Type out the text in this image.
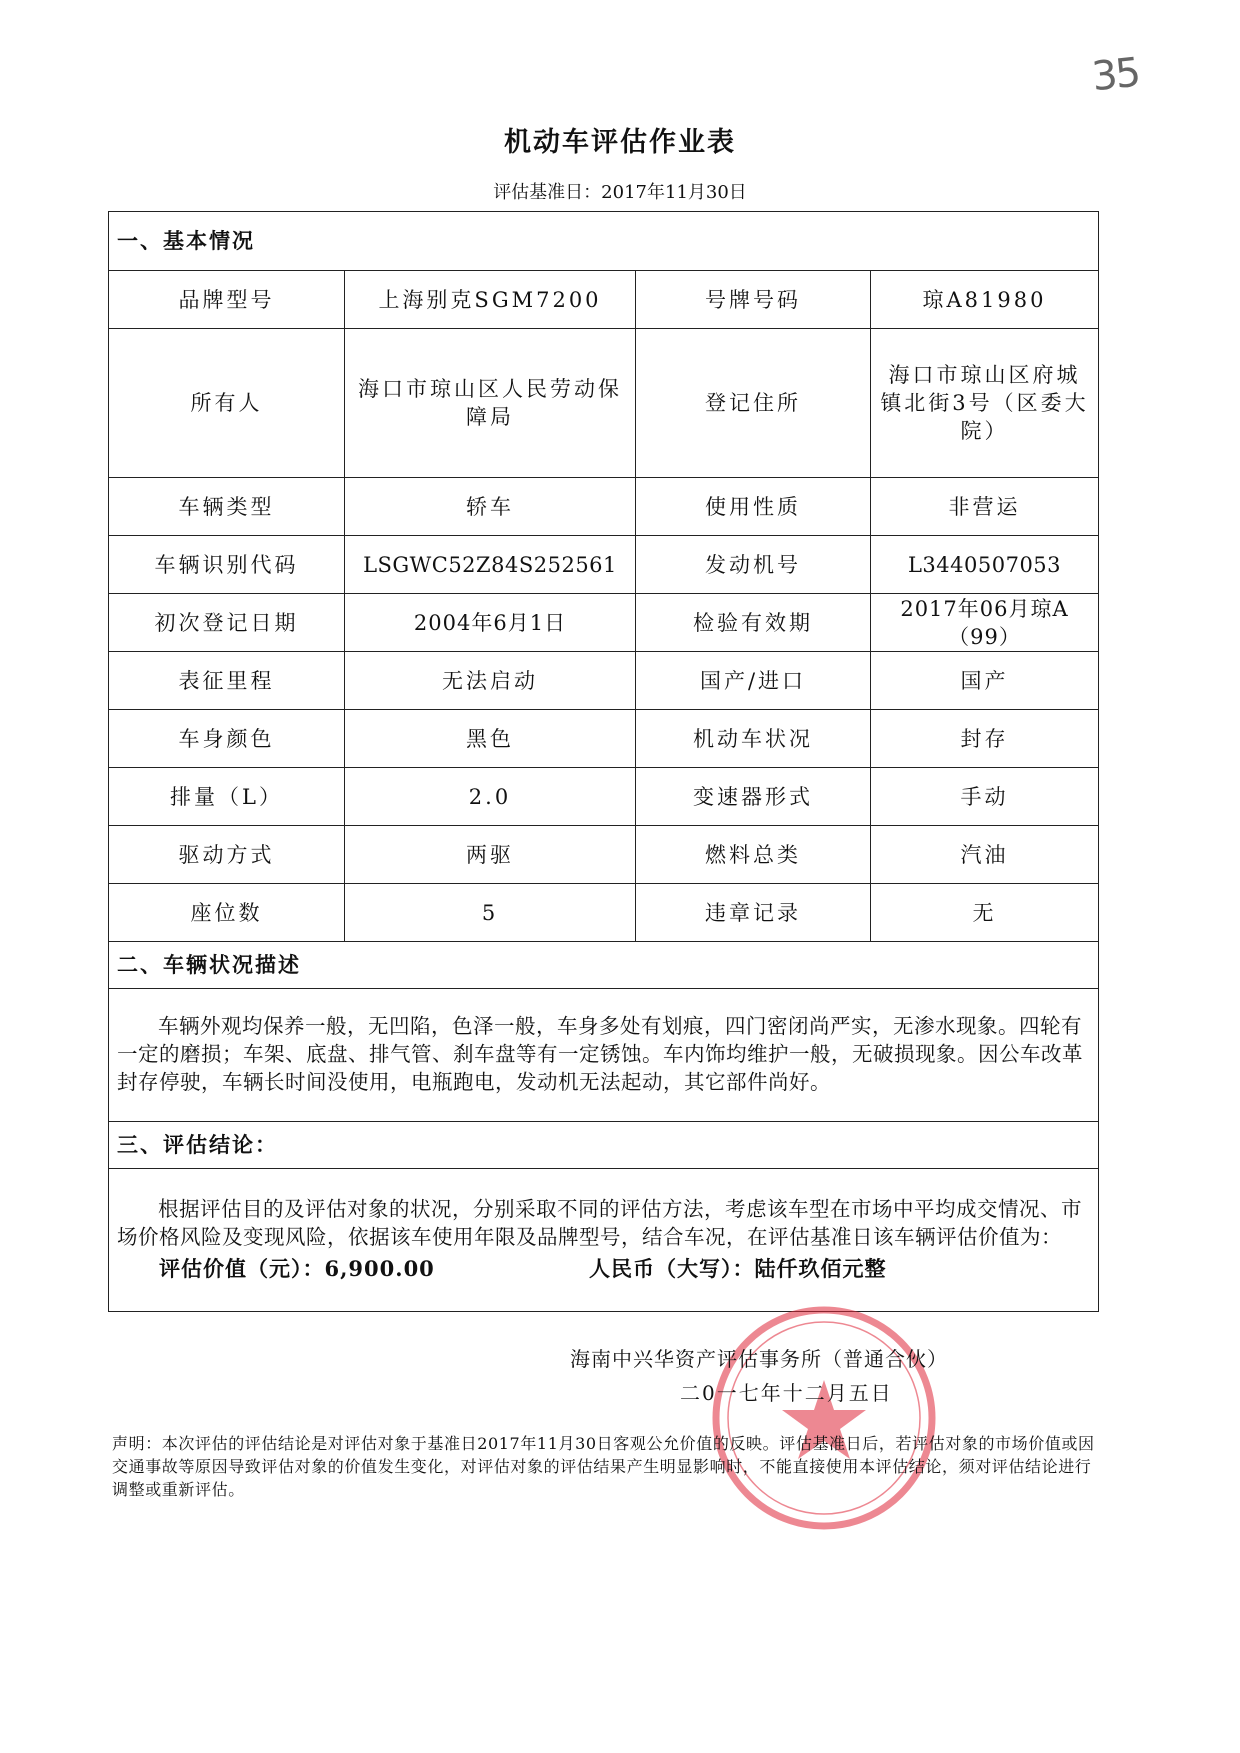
35
机动车评估作业表
评估基准日：2017年11月30日
一、基本情况			
品牌型号	上海别克SGM7200	号牌号码	琼A81980
所有人	海口市琼山区人民劳动保障局	登记住所	海口市琼山区府城镇北街3号（区委大院）
车辆类型	轿车	使用性质	非营运
车辆识别代码	LSGWC52Z84S252561	发动机号	L3440507053
初次登记日期	2004年6月1日	检验有效期	2017年06月琼A（99）
表征里程	无法启动	国产/进口	国产
车身颜色	黑色	机动车状况	封存
排量（L）	2.0	变速器形式	手动
驱动方式	两驱	燃料总类	汽油
座位数	5	违章记录	无
二、车辆状况描述			

车辆外观均保养一般，无凹陷，色泽一般，车身多处有划痕，四门密闭尚严实，无渗水现象。四轮有一定的磨损；车架、底盘、排气管、刹车盘等有一定锈蚀。车内饰均维护一般，无破损现象。因公车改革封存停驶，车辆长时间没使用，电瓶跑电，发动机无法起动，其它部件尚好。			

三、评估结论：			

根据评估目的及评估对象的状况，分别采取不同的评估方法，考虑该车型在市场中平均成交情况、市场价格风险及变现风险，依据该车使用年限及品牌型号，结合车况，在评估基准日该车辆评估价值为：

评估价值（元）：6,900.00 人民币（大写）：陆仟玖佰元整			
海南中兴华资产评估事务所（普通合伙）
二0一七年十二月五日
声明：本次评估的评估结论是对评估对象于基准日2017年11月30日客观公允价值的反映。评估基准日后，若评估对象的市场价值或因交通事故等原因导致评估对象的价值发生变化，对评估对象的评估结果产生明显影响时，不能直接使用本评估结论，须对评估结论进行调整或重新评估。
